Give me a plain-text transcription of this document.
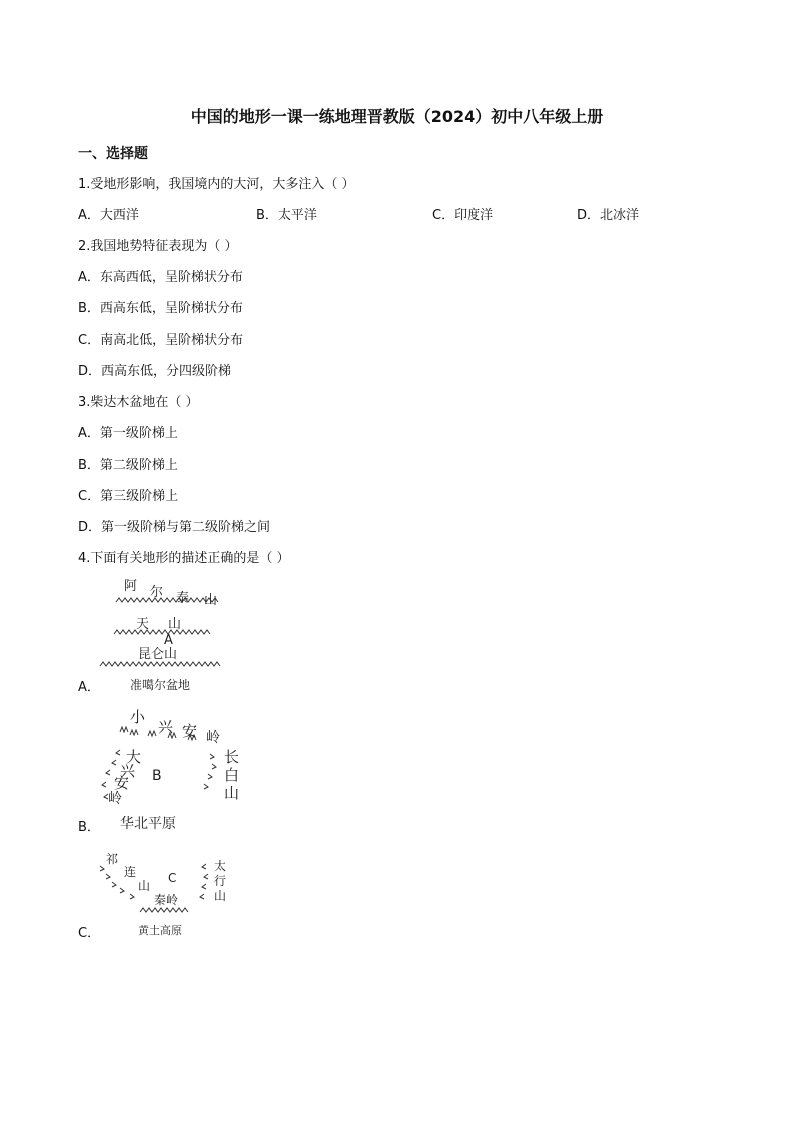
中国的地形一课一练地理晋教版（2024）初中八年级上册
一、选择题
1.受地形影响，我国境内的大河，大多注入（ ）
A．大西洋	B．太平洋	C．印度洋	D．北冰洋
2.我国地势特征表现为（ ）
A．东高西低，呈阶梯状分布
B．西高东低，呈阶梯状分布
C．南高北低，呈阶梯状分布
D．西高东低，分四级阶梯
3.柴达木盆地在（ ）
A．第一级阶梯上
B．第二级阶梯上
C．第三级阶梯上
D．第一级阶梯与第二级阶梯之间
4.下面有关地形的描述正确的是（ ）
A．
B．
C．
阿 尔 泰 山
天 山
A
昆仑山
准噶尔盆地
小
兴 安 岭
大
兴
安
岭
B
长
白
山
华北平原
祁
连
山
C
秦岭
太
行
山
黄土高原
